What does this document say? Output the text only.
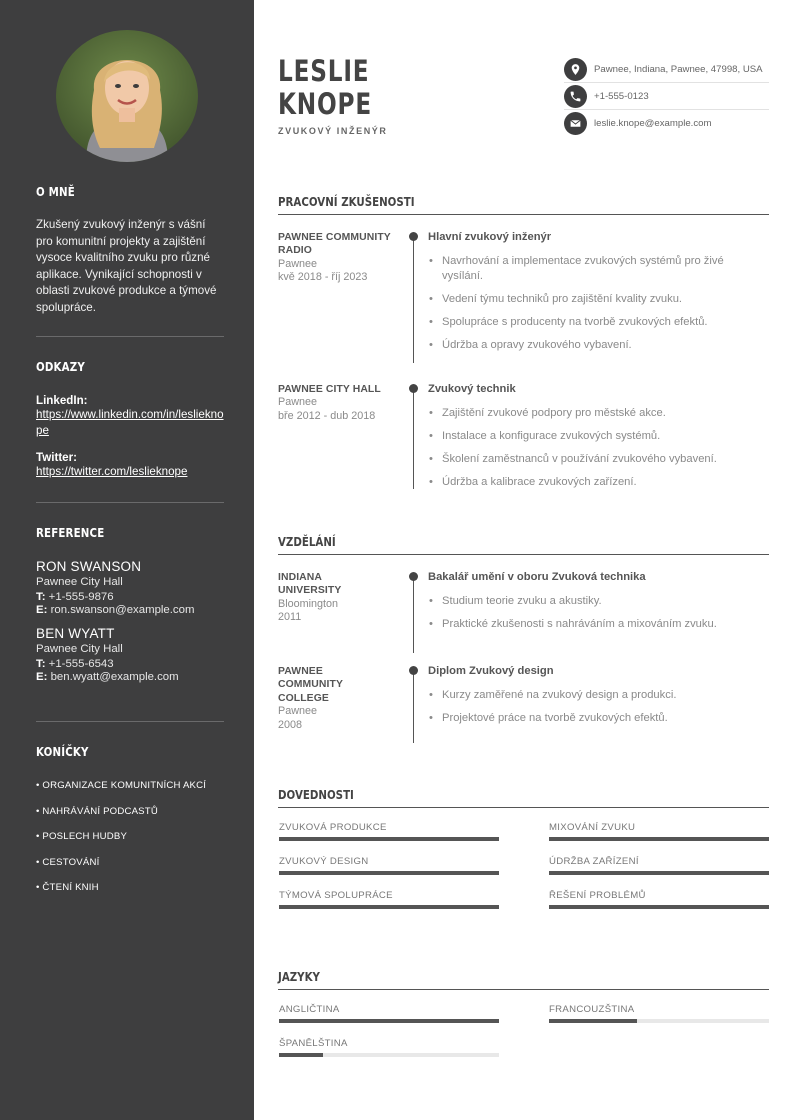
O MNĚ

Zkušený zvukový inženýr s vášní pro komunitní projekty a zajištění vysoce kvalitního zvuku pro různé aplikace. Vynikající schopnosti v oblasti zvukové produkce a týmové spolupráce.

ODKAZY
LinkedIn:
https://www.linkedin.com/in/leslieknope
Twitter:
https://twitter.com/leslieknope
REFERENCE
RON SWANSON
Pawnee City Hall
T: +1-555-9876
E: ron.swanson@example.com
BEN WYATT
Pawnee City Hall
T: +1-555-6543
E: ben.wyatt@example.com
KONÍČKY
• ORGANIZACE KOMUNITNÍCH AKCÍ
• NAHRÁVÁNÍ PODCASTŮ
• POSLECH HUDBY
• CESTOVÁNÍ
• ČTENÍ KNIH
LESLIE
KNOPE
ZVUKOVÝ INŽENÝR
Pawnee, Indiana, Pawnee, 47998, USA
+1-555-0123
leslie.knope@example.com
PRACOVNÍ ZKUŠENOSTI
PAWNEE COMMUNITY RADIO
Pawnee
kvě 2018 - říj 2023
Hlavní zvukový inženýr
• Navrhování a implementace zvukových systémů pro živé vysílání.
• Vedení týmu techniků pro zajištění kvality zvuku.
• Spolupráce s producenty na tvorbě zvukových efektů.
• Údržba a opravy zvukového vybavení.
PAWNEE CITY HALL
Pawnee
bře 2012 - dub 2018
Zvukový technik
• Zajištění zvukové podpory pro městské akce.
• Instalace a konfigurace zvukových systémů.
• Školení zaměstnanců v používání zvukového vybavení.
• Údržba a kalibrace zvukových zařízení.
VZDĚLÁNÍ
INDIANA UNIVERSITY
Bloomington
2011
Bakalář umění v oboru Zvuková technika
• Studium teorie zvuku a akustiky.
• Praktické zkušenosti s nahráváním a mixováním zvuku.
PAWNEE COMMUNITY COLLEGE
Pawnee
2008
Diplom Zvukový design
• Kurzy zaměřené na zvukový design a produkci.
• Projektové práce na tvorbě zvukových efektů.
DOVEDNOSTI
ZVUKOVÁ PRODUKCE	MIXOVÁNÍ ZVUKU
ZVUKOVÝ DESIGN	ÚDRŽBA ZAŘÍZENÍ
TÝMOVÁ SPOLUPRÁCE	ŘEŠENÍ PROBLÉMŮ
JAZYKY
ANGLIČTINA	FRANCOUZŠTINA
ŠPANĚLŠTINA
